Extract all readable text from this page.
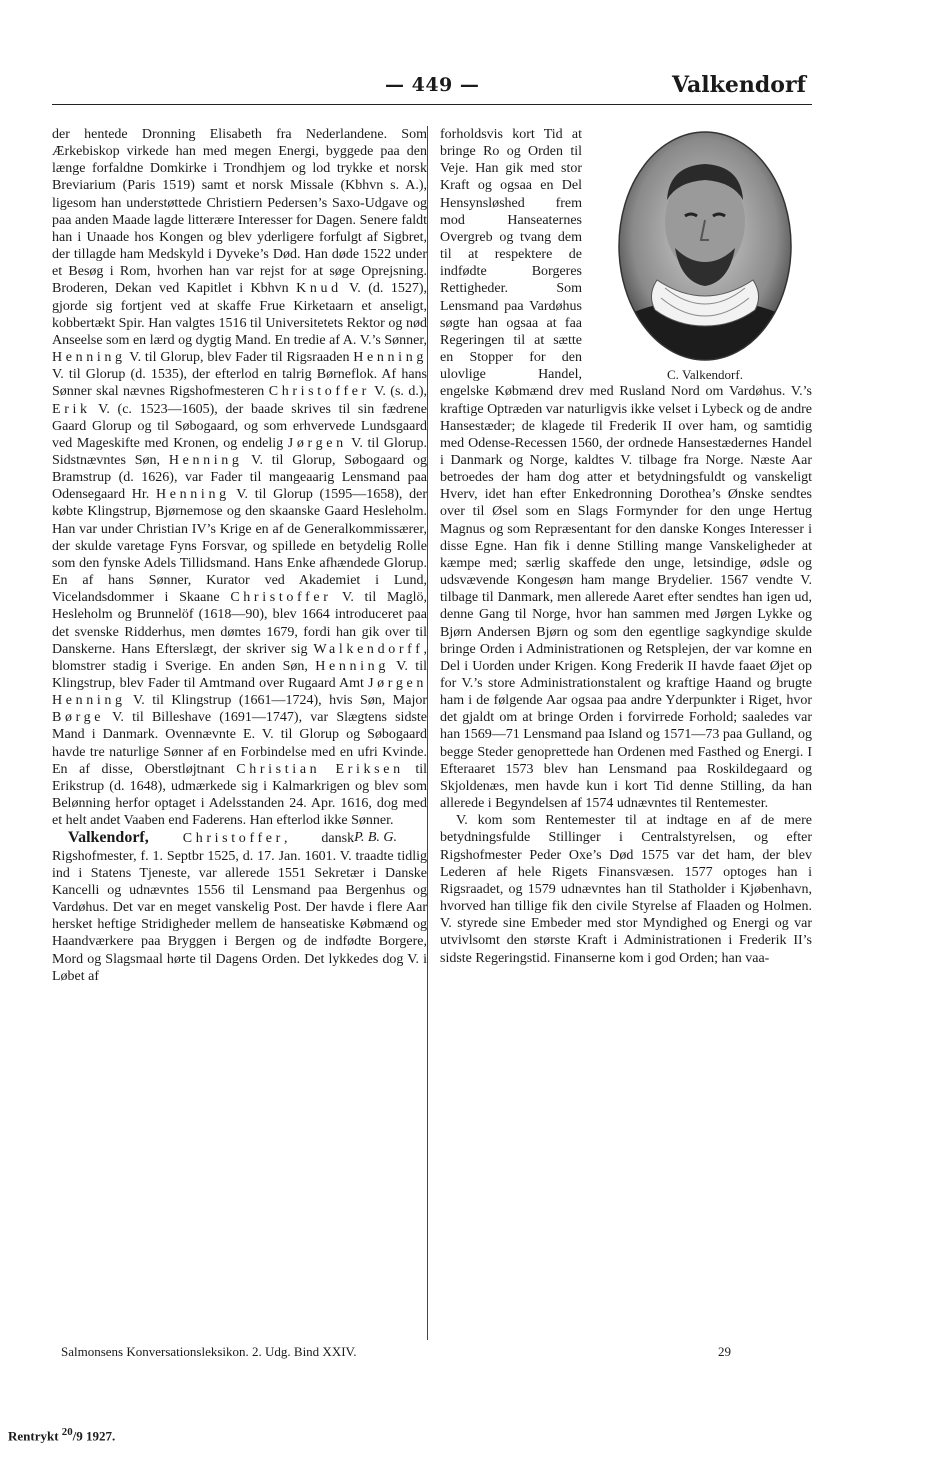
— 449 —	Valkendorf

der hentede Dronning Elisabeth fra Nederlandene. Som Ærkebiskop virkede han med megen Energi, byggede paa den længe forfaldne Domkirke i Trondhjem og lod trykke et norsk Breviarium (Paris 1519) samt et norsk Missale (Kbhvn s. A.), ligesom han understøttede Christiern Pedersen’s Saxo-Udgave og paa anden Maade lagde litterære Interesser for Dagen. Senere faldt han i Unaade hos Kongen og blev yderligere forfulgt af Sigbret, der tillagde ham Medskyld i Dyveke’s Død. Han døde 1522 under et Besøg i Rom, hvorhen han var rejst for at søge Oprejsning. Broderen, Dekan ved Kapitlet i Kbhvn Knud V. (d. 1527), gjorde sig fortjent ved at skaffe Frue Kirketaarn et anseligt, kobbertækt Spir. Han valgtes 1516 til Universitetets Rektor og nød Anseelse som en lærd og dygtig Mand. En tredie af A. V.’s Sønner, Henning V. til Glorup, blev Fader til Rigsraaden Henning V. til Glorup (d. 1535), der efterlod en talrig Børneflok. Af hans Sønner skal nævnes Rigshofmesteren Christoffer V. (s. d.), Erik V. (c. 1523—1605), der baade skrives til sin fædrene Gaard Glorup og til Søbogaard, og som erhvervede Lundsgaard ved Mageskifte med Kronen, og endelig Jørgen V. til Glorup. Sidstnævntes Søn, Henning V. til Glorup, Søbogaard og Bramstrup (d. 1626), var Fader til mangeaarig Lensmand paa Odensegaard Hr. Henning V. til Glorup (1595—1658), der købte Klingstrup, Bjørnemose og den skaanske Gaard Hesleholm. Han var under Christian IV’s Krige en af de Generalkommissærer, der skulde varetage Fyns Forsvar, og spillede en betydelig Rolle som den fynske Adels Tillidsmand. Hans Enke afhændede Glorup. En af hans Sønner, Kurator ved Akademiet i Lund, Vicelandsdommer i Skaane Christoffer V. til Maglö, Hesleholm og Brunnelöf (1618—90), blev 1664 introduceret paa det svenske Ridderhus, men dømtes 1679, fordi han gik over til Danskerne. Hans Efterslægt, der skriver sig Walkendorff, blomstrer stadig i Sverige. En anden Søn, Henning V. til Klingstrup, blev Fader til Amtmand over Rugaard Amt Jørgen Henning V. til Klingstrup (1661—1724), hvis Søn, Major Børge V. til Billeshave (1691—1747), var Slægtens sidste Mand i Danmark. Ovennævnte E. V. til Glorup og Søbogaard havde tre naturlige Sønner af en Forbindelse med en ufri Kvinde. En af disse, Oberstløjtnant Christian Eriksen til Erikstrup (d. 1648), udmærkede sig i Kalmarkrigen og blev som Belønning herfor optaget i Adelsstanden 24. Apr. 1616, dog med et helt andet Vaaben end Faderens. Han efterlod ikke Sønner.
P. B. G.

Valkendorf, Christoffer, dansk Rigshofmester, f. 1. Septbr 1525, d. 17. Jan. 1601. V. traadte tidlig ind i Statens Tjeneste, var allerede 1551 Sekretær i Danske Kancelli og udnævntes 1556 til Lensmand paa Bergenhus og Vardøhus. Det var en meget vanskelig Post. Der havde i flere Aar hersket heftige Stridigheder mellem de hanseatiske Købmænd og Haandværkere paa Bryggen i Bergen og de indfødte Borgere, Mord og Slagsmaal hørte til Dagens Orden. Det lykkedes dog V. i Løbet af

C. Valkendorf.

forholdsvis kort Tid at bringe Ro og Orden til Veje. Han gik med stor Kraft og ogsaa en Del Hensynsløshed frem mod Hanseaternes Overgreb og tvang dem til at respektere de indfødte Borgeres Rettigheder. Som Lensmand paa Vardøhus søgte han ogsaa at faa Regeringen til at sætte en Stopper for den ulovlige Handel, engelske Købmænd drev med Rusland Nord om Vardøhus. V.’s kraftige Optræden var naturligvis ikke velset i Lybeck og de andre Hansestæder; de klagede til Frederik II over ham, og samtidig med Odense-Recessen 1560, der ordnede Hansestædernes Handel i Danmark og Norge, kaldtes V. tilbage fra Norge. Næste Aar betroedes der ham dog atter et betydningsfuldt og vanskeligt Hverv, idet han efter Enkedronning Dorothea’s Ønske sendtes over til Øsel som en Slags Formynder for den unge Hertug Magnus og som Repræsentant for den danske Konges Interesser i disse Egne. Han fik i denne Stilling mange Vanskeligheder at kæmpe med; særlig skaffede den unge, letsindige, ødsle og udsvævende Kongesøn ham mange Brydelier. 1567 vendte V. tilbage til Danmark, men allerede Aaret efter sendtes han igen ud, denne Gang til Norge, hvor han sammen med Jørgen Lykke og Bjørn Andersen Bjørn og som den egentlige sagkyndige skulde bringe Orden i Administrationen og Retsplejen, der var komne en Del i Uorden under Krigen. Kong Frederik II havde faaet Øjet op for V.’s store Administrationstalent og kraftige Haand og brugte ham i de følgende Aar ogsaa paa andre Yderpunkter i Riget, hvor det gjaldt om at bringe Orden i forvirrede Forhold; saaledes var han 1569—71 Lensmand paa Island og 1571—73 paa Gulland, og begge Steder genoprettede han Ordenen med Fasthed og Energi. I Efteraaret 1573 blev han Lensmand paa Roskildegaard og Skjoldenæs, men havde kun i kort Tid denne Stilling, da han allerede i Begyndelsen af 1574 udnævntes til Rentemester.

V. kom som Rentemester til at indtage en af de mere betydningsfulde Stillinger i Centralstyrelsen, og efter Rigshofmester Peder Oxe’s Død 1575 var det ham, der blev Lederen af hele Rigets Finansvæsen. 1577 optoges han i Rigsraadet, og 1579 udnævntes han til Statholder i Kjøbenhavn, hvorved han tillige fik den civile Styrelse af Flaaden og Holmen. V. styrede sine Embeder med stor Myndighed og Energi og var utvivlsomt den største Kraft i Administrationen i Frederik II’s sidste Regeringstid. Finanserne kom i god Orden; han vaa-

Salmonsens Konversationsleksikon. 2. Udg. Bind XXIV.	29
Rentrykt $^{20}$/9 1927.
